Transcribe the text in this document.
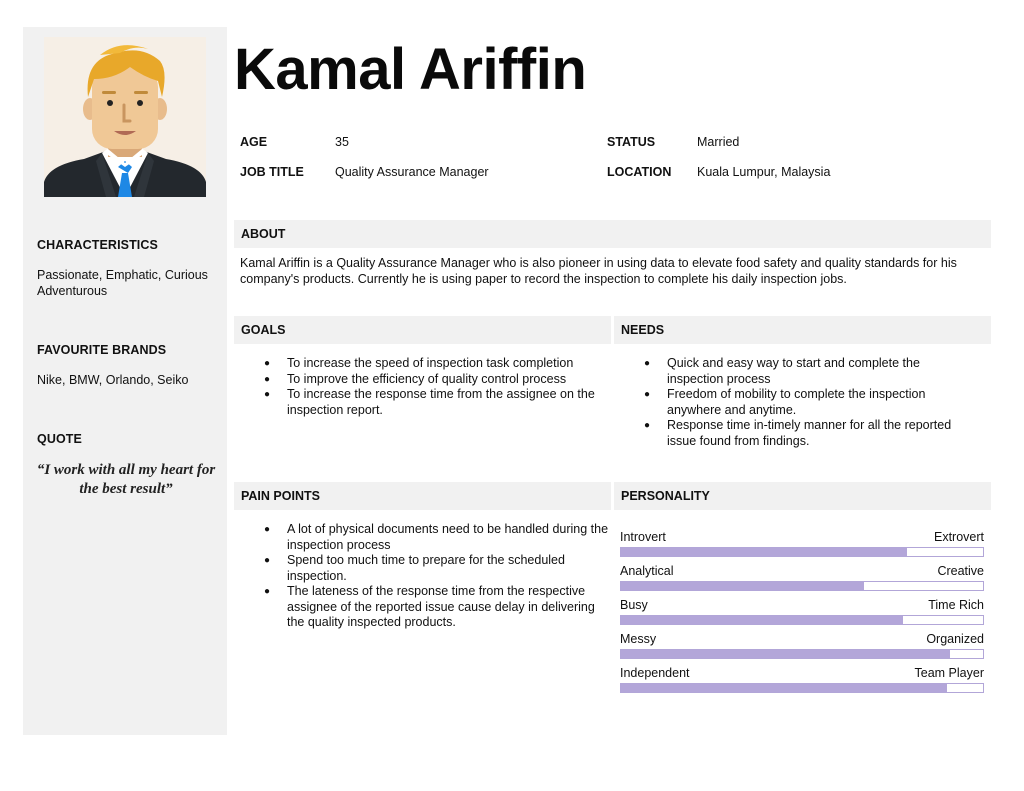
CHARACTERISTICS
Passionate, Emphatic, Curious Adventurous
FAVOURITE BRANDS
Nike, BMW, Orlando, Seiko
QUOTE
“I work with all my heart for the best result”
Kamal Ariffin
AGE	35
JOB TITLE Quality Assurance Manager
STATUS	Married
LOCATION Kuala Lumpur, Malaysia
ABOUT
Kamal Ariffin is a Quality Assurance Manager who is also pioneer in using data to elevate food safety and quality standards for his company's products. Currently he is using paper to record the inspection to complete his daily inspection jobs.
GOALS
● To increase the speed of inspection task completion
● To improve the efficiency of quality control process
● To increase the response time from the assignee on the inspection report.
NEEDS
● Quick and easy way to start and complete the inspection process
● Freedom of mobility to complete the inspection anywhere and anytime.
● Response time in-timely manner for all the reported issue found from findings.
PAIN POINTS
● A lot of physical documents need to be handled during the inspection process
● Spend too much time to prepare for the scheduled inspection.
● The lateness of the response time from the respective assignee of the reported issue cause delay in delivering the quality inspected products.
PERSONALITY
Introvert	Extrovert
Analytical	Creative
Busy	Time Rich
Messy	Organized
Independent	Team Player
